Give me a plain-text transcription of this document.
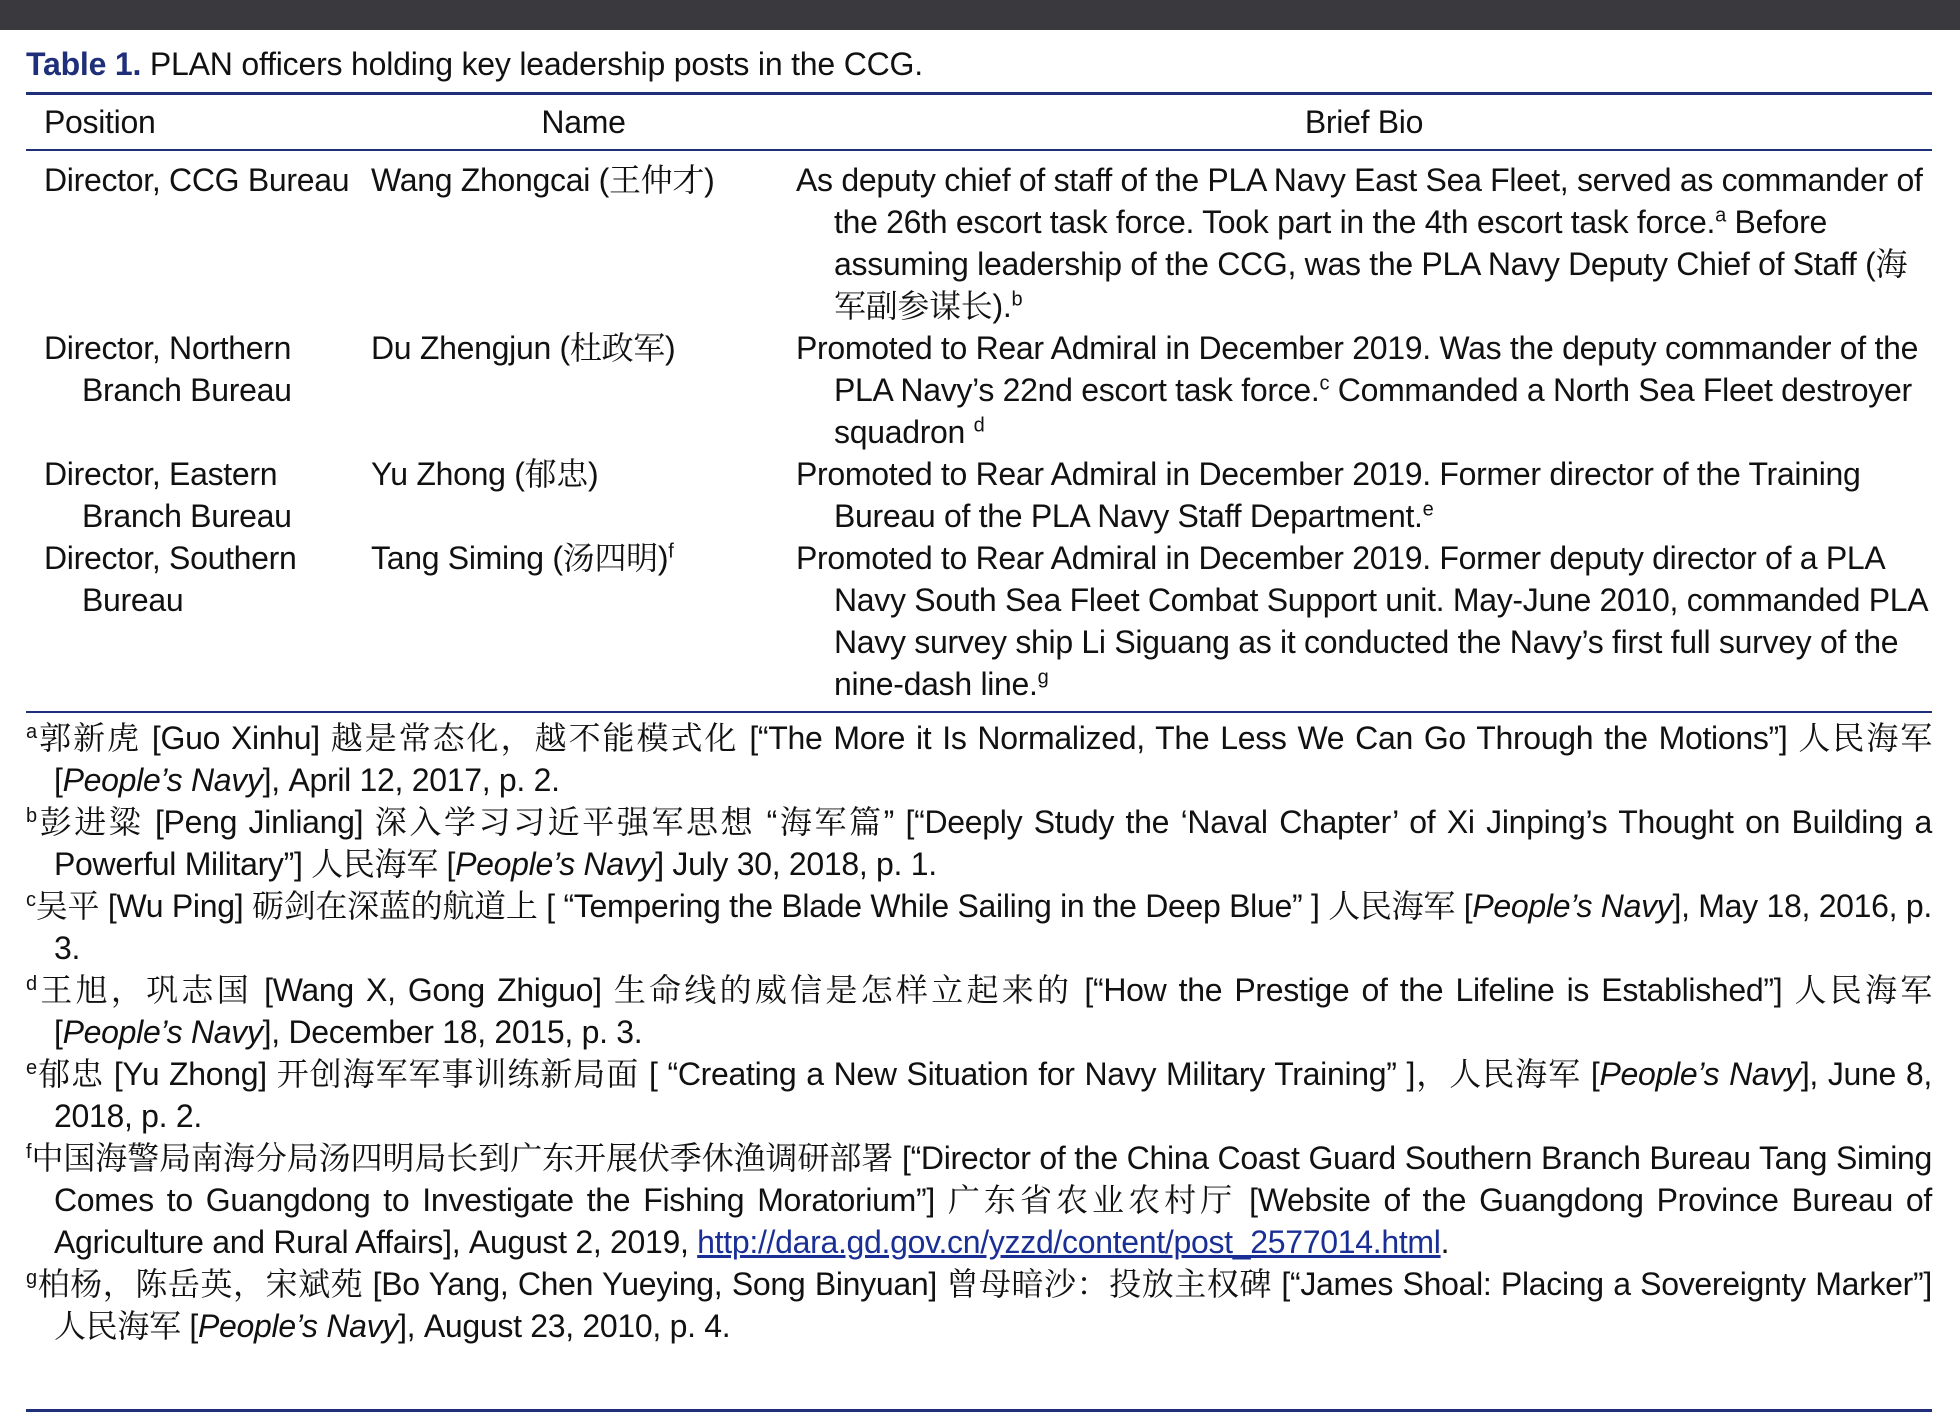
Table 1. PLAN officers holding key leadership posts in the CCG.
Position	Name	Brief Bio

Director, CCG Bureau	Wang Zhongcai (王仲才)	As deputy chief of staff of the PLA Navy East Sea Fleet, served as commander of the 26th escort task force. Took part in the 4th escort task force.$^a$ Before assuming leadership of the CCG, was the PLA Navy Deputy Chief of Staff (海军副参谋长).$^b$

Director, Northern Branch Bureau	Du Zhengjun (杜政军)	Promoted to Rear Admiral in December 2019. Was the deputy commander of the PLA Navy’s 22nd escort task force.$^c$ Commanded a North Sea Fleet destroyer squadron $^d$

Director, Eastern Branch Bureau	Yu Zhong (郁忠)	Promoted to Rear Admiral in December 2019. Former director of the Training Bureau of the PLA Navy Staff Department.$^e$

Director, Southern Bureau	Tang Siming (汤四明)$^f$	Promoted to Rear Admiral in December 2019. Former deputy director of a PLA Navy South Sea Fleet Combat Support unit. May-June 2010, commanded PLA Navy survey ship Li Siguang as it conducted the Navy’s first full survey of the nine-dash line.$^g$
$^a$郭新虎 [Guo Xinhu] 越是常态化，越不能模式化 [“The More it Is Normalized, The Less We Can Go Through the Motions”] 人民海军 [People’s Navy], April 12, 2017, p. 2.
$^b$彭进粱 [Peng Jinliang] 深入学习习近平强军思想 “海军篇” [“Deeply Study the ‘Naval Chapter’ of Xi Jinping’s Thought on Building a Powerful Military”] 人民海军 [People’s Navy] July 30, 2018, p. 1.
$^c$吴平 [Wu Ping] 砺剑在深蓝的航道上 [ “Tempering the Blade While Sailing in the Deep Blue” ] 人民海军 [People’s Navy], May 18, 2016, p. 3.
$^d$王旭，巩志国 [Wang X, Gong Zhiguo] 生命线的威信是怎样立起来的 [“How the Prestige of the Lifeline is Established”] 人民海军 [People’s Navy], December 18, 2015, p. 3.
$^e$郁忠 [Yu Zhong] 开创海军军事训练新局面 [ “Creating a New Situation for Navy Military Training” ]，人民海军 [People’s Navy], June 8, 2018, p. 2.
$^f$中国海警局南海分局汤四明局长到广东开展伏季休渔调研部署 [“Director of the China Coast Guard Southern Branch Bureau Tang Siming Comes to Guangdong to Investigate the Fishing Moratorium”] 广东省农业农村厅 [Website of the Guangdong Province Bureau of Agriculture and Rural Affairs], August 2, 2019, http://dara.gd.gov.cn/yzzd/content/post_2577014.html.
$^g$柏杨，陈岳英，宋斌苑 [Bo Yang, Chen Yueying, Song Binyuan] 曾母暗沙：投放主权碑 [“James Shoal: Placing a Sovereignty Marker”] 人民海军 [People’s Navy], August 23, 2010, p. 4.
